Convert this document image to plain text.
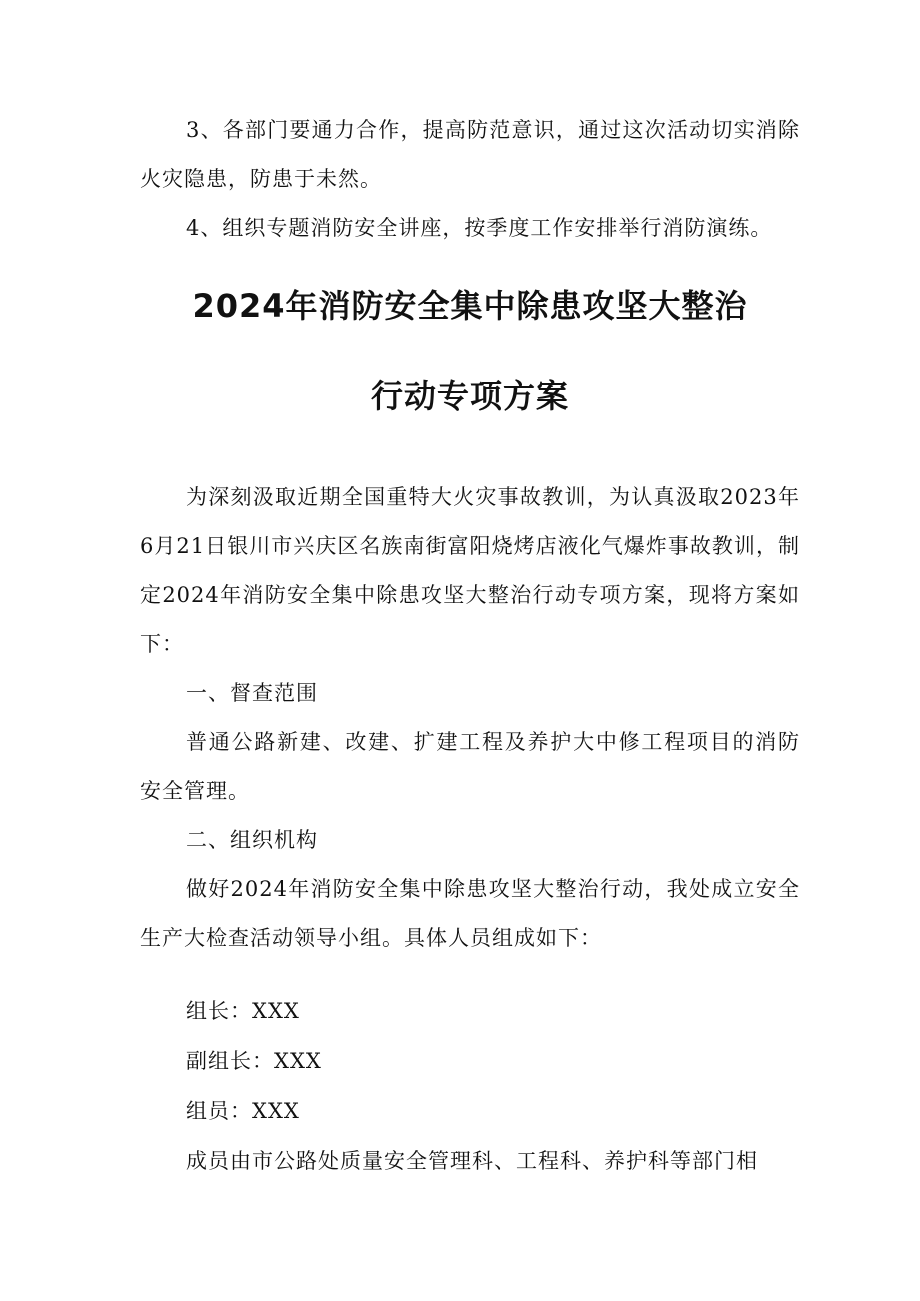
3、各部门要通力合作，提高防范意识，通过这次活动切实消除火灾隐患，防患于未然。

4、组织专题消防安全讲座，按季度工作安排举行消防演练。

2024年消防安全集中除患攻坚大整治
行动专项方案

为深刻汲取近期全国重特大火灾事故教训，为认真汲取2023年6月21日银川市兴庆区名族南街富阳烧烤店液化气爆炸事故教训，制定2024年消防安全集中除患攻坚大整治行动专项方案，现将方案如下：

一、督查范围

普通公路新建、改建、扩建工程及养护大中修工程项目的消防安全管理。

二、组织机构

做好2024年消防安全集中除患攻坚大整治行动，我处成立安全生产大检查活动领导小组。具体人员组成如下：

组长：XXX

副组长：XXX

组员：XXX

成员由市公路处质量安全管理科、工程科、养护科等部门相
